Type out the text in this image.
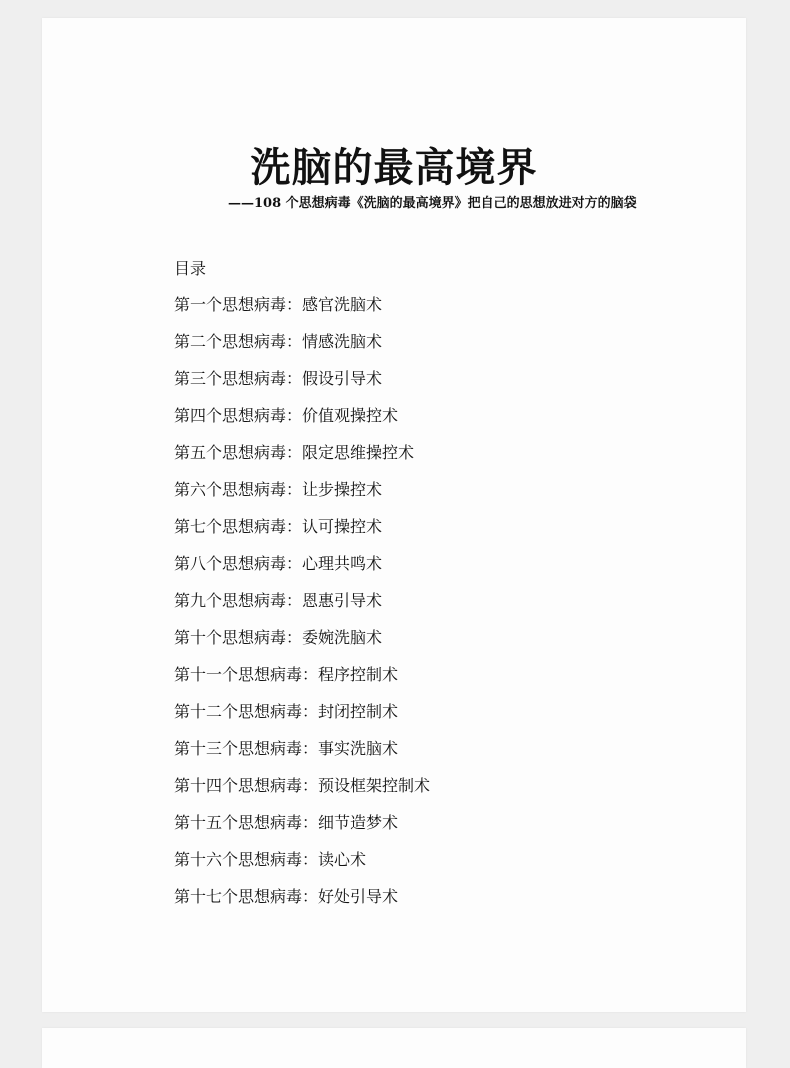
洗脑的最高境界
——108 个思想病毒《洗脑的最高境界》把自己的思想放进对方的脑袋
目录
第一个思想病毒：感官洗脑术
第二个思想病毒：情感洗脑术
第三个思想病毒：假设引导术
第四个思想病毒：价值观操控术
第五个思想病毒：限定思维操控术
第六个思想病毒：让步操控术
第七个思想病毒：认可操控术
第八个思想病毒：心理共鸣术
第九个思想病毒：恩惠引导术
第十个思想病毒：委婉洗脑术
第十一个思想病毒：程序控制术
第十二个思想病毒：封闭控制术
第十三个思想病毒：事实洗脑术
第十四个思想病毒：预设框架控制术
第十五个思想病毒：细节造梦术
第十六个思想病毒：读心术
第十七个思想病毒：好处引导术
